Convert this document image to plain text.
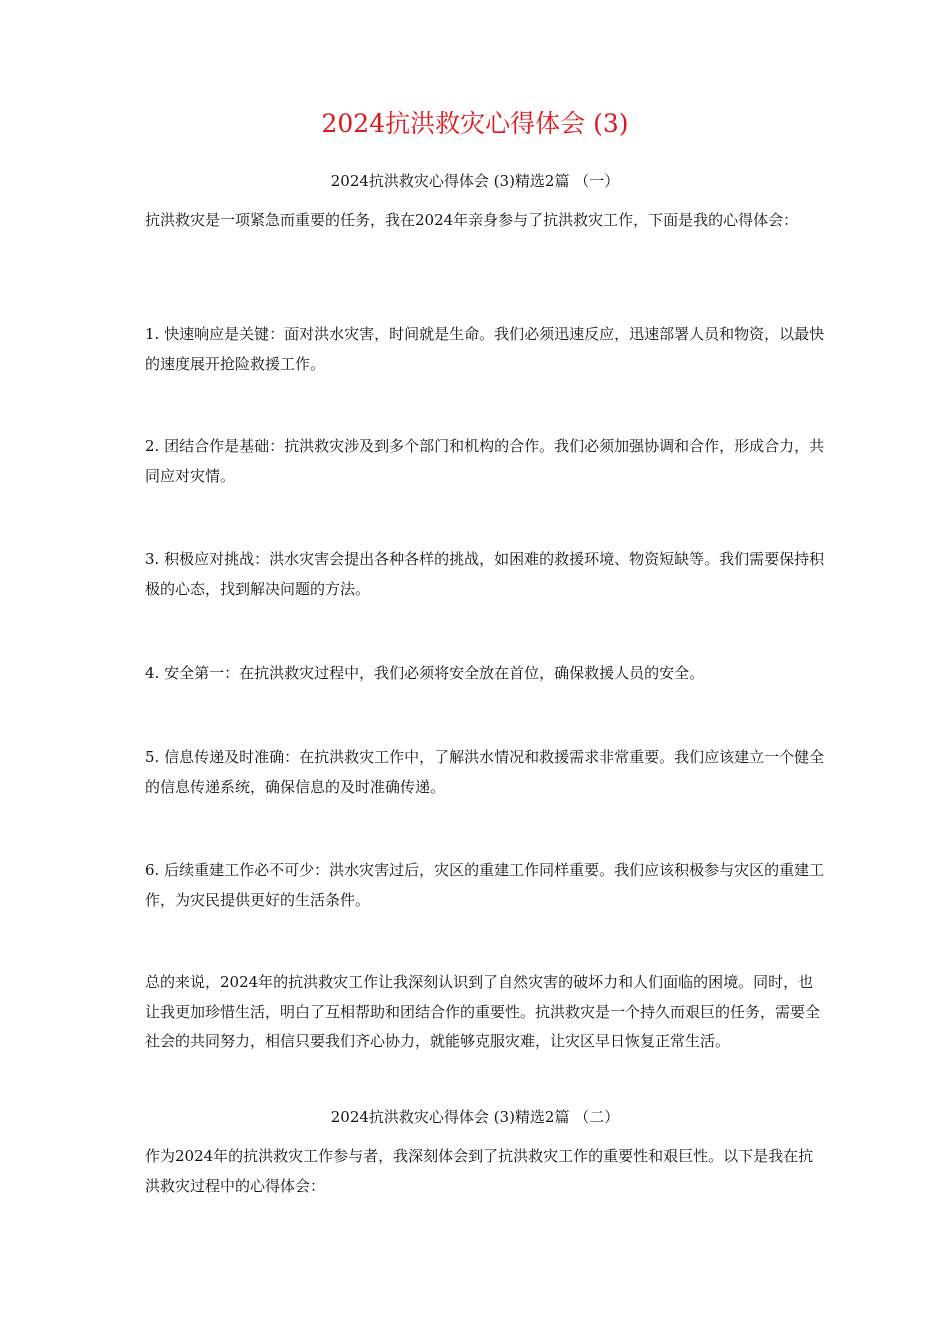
2024抗洪救灾心得体会 (3)
2024抗洪救灾心得体会 (3)精选2篇 （一）

抗洪救灾是一项紧急而重要的任务，我在2024年亲身参与了抗洪救灾工作，下面是我的心得体会：

1. 快速响应是关键：面对洪水灾害，时间就是生命。我们必须迅速反应，迅速部署人员和物资，以最快的速度展开抢险救援工作。

2. 团结合作是基础：抗洪救灾涉及到多个部门和机构的合作。我们必须加强协调和合作，形成合力，共同应对灾情。

3. 积极应对挑战：洪水灾害会提出各种各样的挑战，如困难的救援环境、物资短缺等。我们需要保持积极的心态，找到解决问题的方法。

4. 安全第一：在抗洪救灾过程中，我们必须将安全放在首位，确保救援人员的安全。

5. 信息传递及时准确：在抗洪救灾工作中，了解洪水情况和救援需求非常重要。我们应该建立一个健全的信息传递系统，确保信息的及时准确传递。

6. 后续重建工作必不可少：洪水灾害过后，灾区的重建工作同样重要。我们应该积极参与灾区的重建工作，为灾民提供更好的生活条件。

总的来说，2024年的抗洪救灾工作让我深刻认识到了自然灾害的破坏力和人们面临的困境。同时，也让我更加珍惜生活，明白了互相帮助和团结合作的重要性。抗洪救灾是一个持久而艰巨的任务，需要全社会的共同努力，相信只要我们齐心协力，就能够克服灾难，让灾区早日恢复正常生活。

2024抗洪救灾心得体会 (3)精选2篇 （二）

作为2024年的抗洪救灾工作参与者，我深刻体会到了抗洪救灾工作的重要性和艰巨性。以下是我在抗洪救灾过程中的心得体会：
